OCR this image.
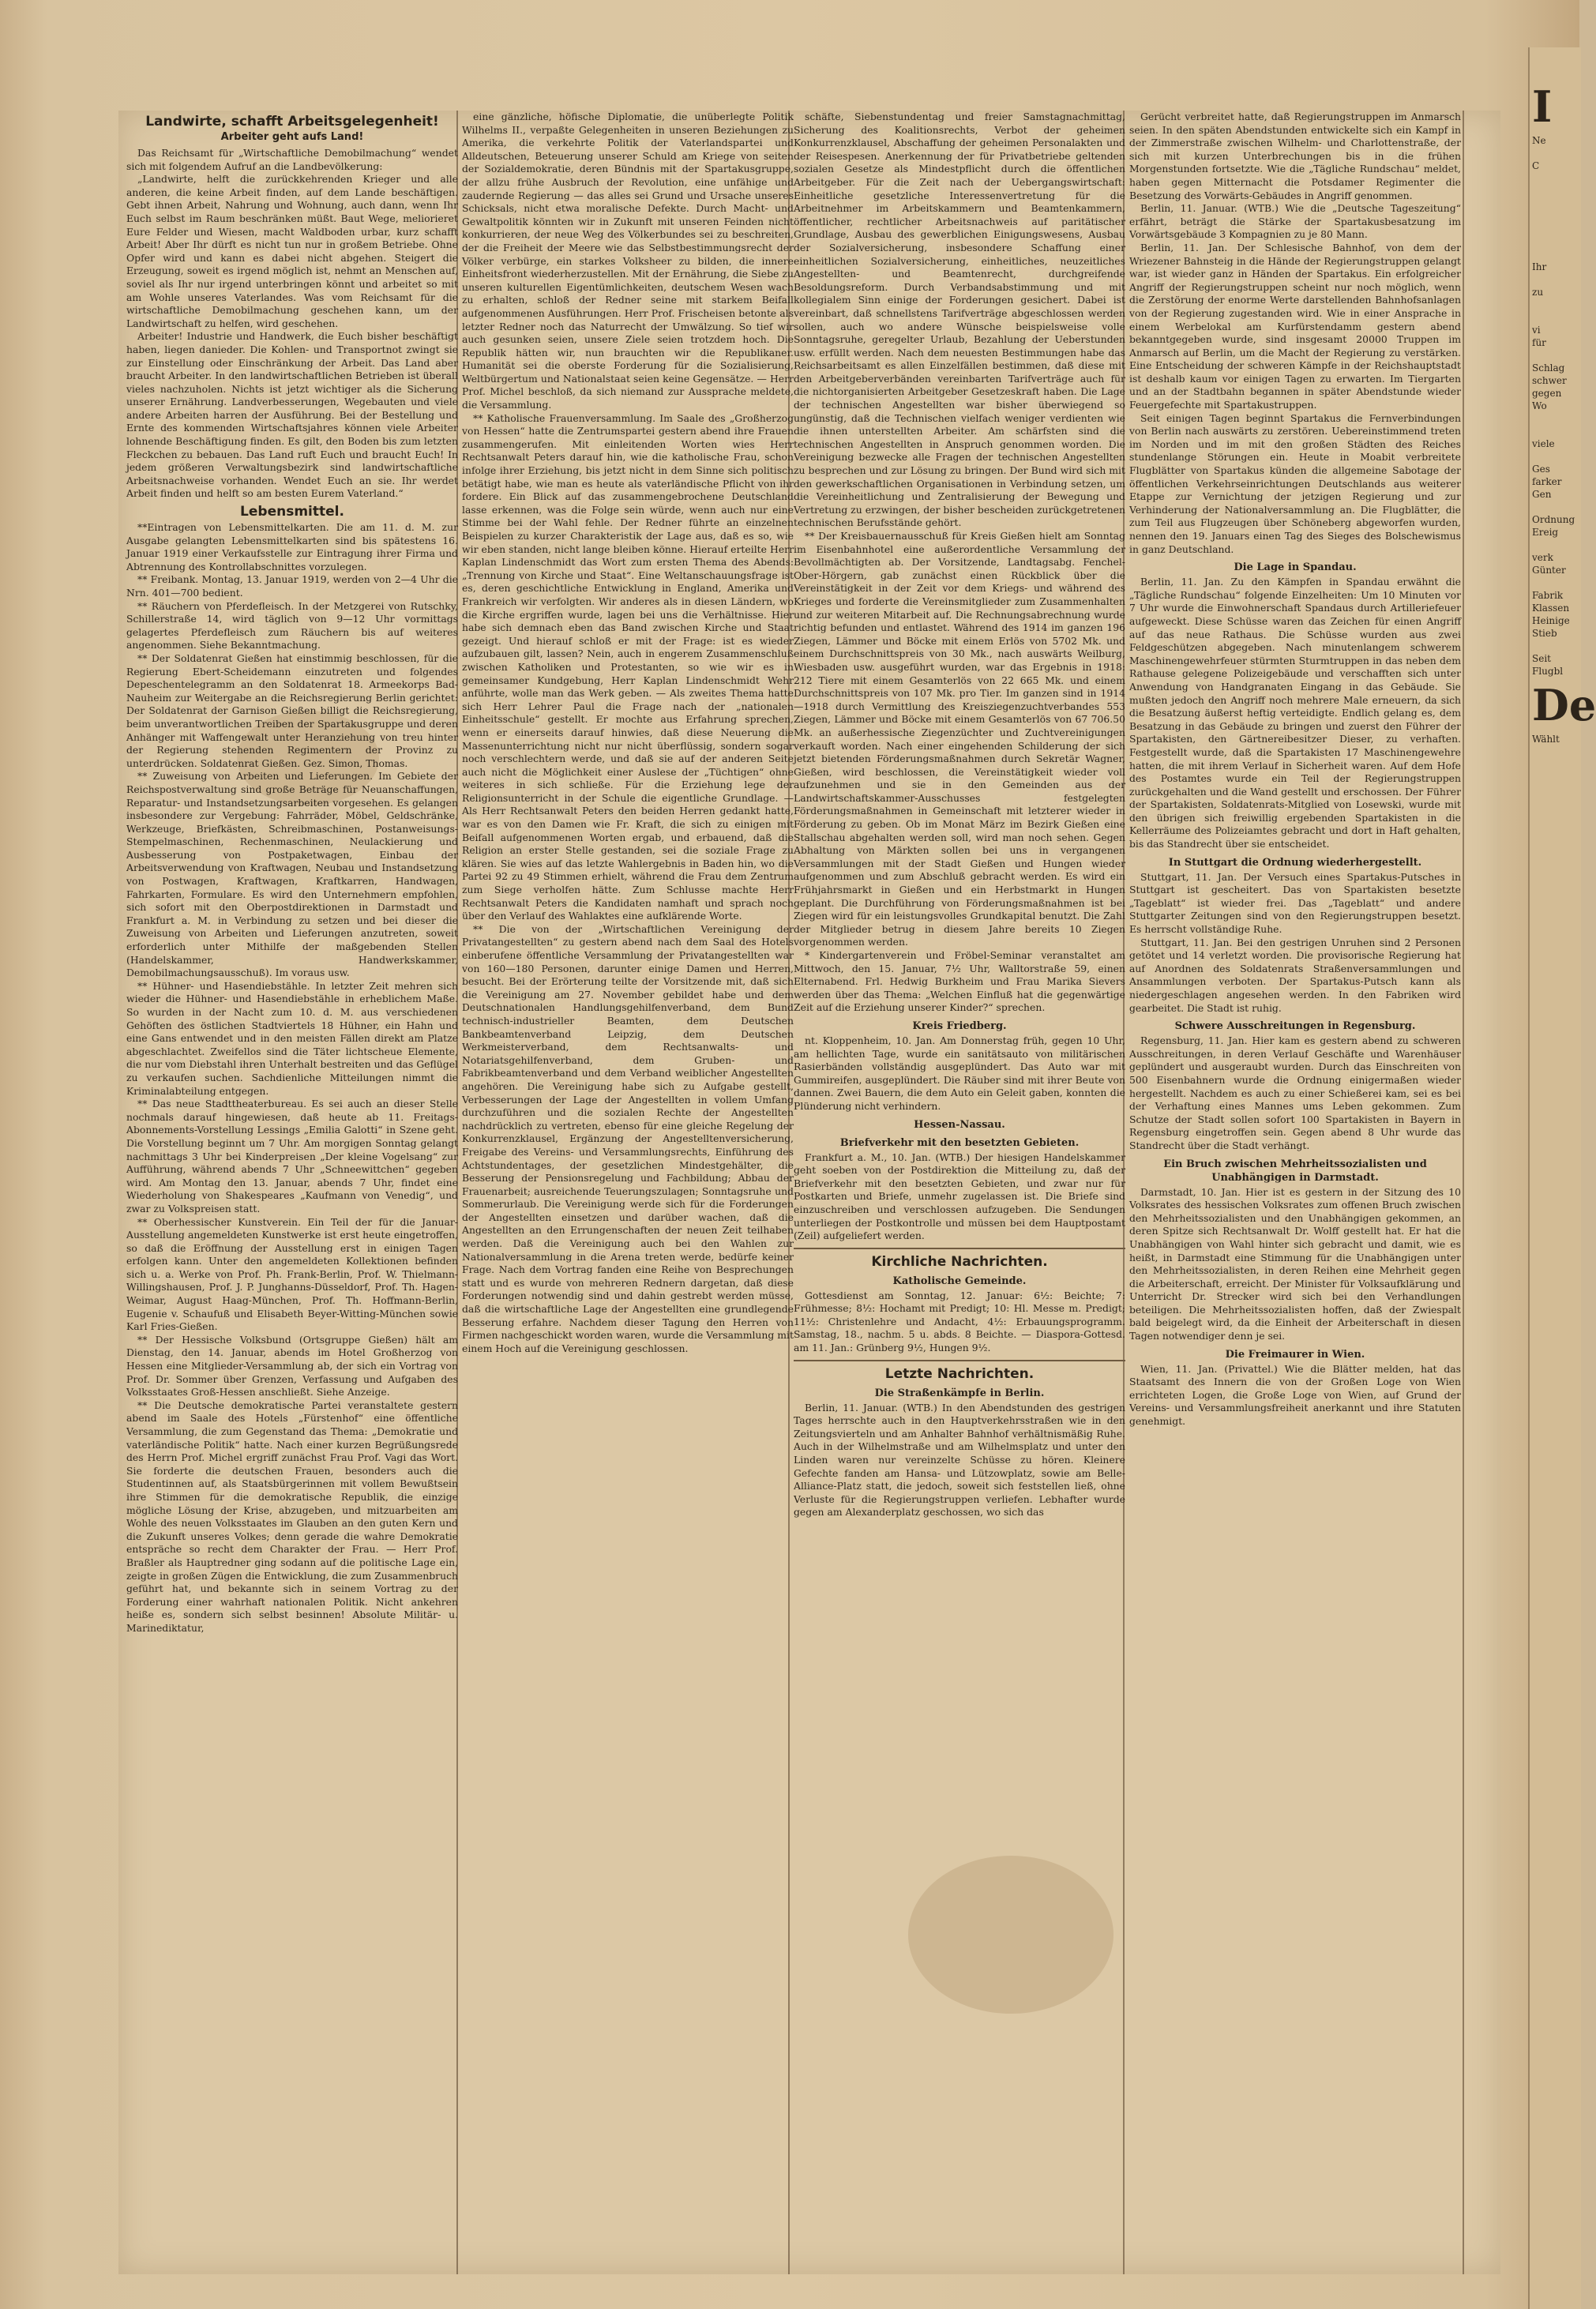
Landwirte, schafft Arbeitsgelegenheit!
Arbeiter geht aufs Land!

Das Reichsamt für „Wirtschaftliche Demobilmachung“ wendet sich mit folgendem Aufruf an die Landbevölkerung:

„Landwirte, helft die zurückkehrenden Krieger und alle anderen, die keine Arbeit finden, auf dem Lande beschäftigen. Gebt ihnen Arbeit, Nahrung und Wohnung, auch dann, wenn Ihr Euch selbst im Raum beschränken müßt. Baut Wege, meliorieret Eure Felder und Wiesen, macht Waldboden urbar, kurz schafft Arbeit! Aber Ihr dürft es nicht tun nur in großem Betriebe. Ohne Opfer wird und kann es dabei nicht abgehen. Steigert die Erzeugung, soweit es irgend möglich ist, nehmt an Menschen auf, soviel als Ihr nur irgend unterbringen könnt und arbeitet so mit am Wohle unseres Vaterlandes. Was vom Reichsamt für die wirtschaftliche Demobilmachung geschehen kann, um der Landwirtschaft zu helfen, wird geschehen.

Arbeiter! Industrie und Handwerk, die Euch bisher beschäftigt haben, liegen danieder. Die Kohlen- und Transportnot zwingt sie zur Einstellung oder Einschränkung der Arbeit. Das Land aber braucht Arbeiter. In den landwirtschaftlichen Betrieben ist überall vieles nachzuholen. Nichts ist jetzt wichtiger als die Sicherung unserer Ernährung. Landverbesserungen, Wegebauten und viele andere Arbeiten harren der Ausführung. Bei der Bestellung und Ernte des kommenden Wirtschaftsjahres können viele Arbeiter lohnende Beschäftigung finden. Es gilt, den Boden bis zum letzten Fleckchen zu bebauen. Das Land ruft Euch und braucht Euch! In jedem größeren Verwaltungsbezirk sind landwirtschaftliche Arbeitsnachweise vorhanden. Wendet Euch an sie. Ihr werdet Arbeit finden und helft so am besten Eurem Vaterland.“

Lebensmittel.

**Eintragen von Lebensmittelkarten. Die am 11. d. M. zur Ausgabe gelangten Lebensmittelkarten sind bis spätestens 16. Januar 1919 einer Verkaufsstelle zur Eintragung ihrer Firma und Abtrennung des Kontrollabschnittes vorzulegen.

** Freibank. Montag, 13. Januar 1919, werden von 2—4 Uhr die Nrn. 401—700 bedient.

** Räuchern von Pferdefleisch. In der Metzgerei von Rutschky, Schillerstraße 14, wird täglich von 9—12 Uhr vormittags gelagertes Pferdefleisch zum Räuchern bis auf weiteres angenommen. Siehe Bekanntmachung.

** Der Soldatenrat Gießen hat einstimmig beschlossen, für die Regierung Ebert-Scheidemann einzutreten und folgendes Depeschentelegramm an den Soldatenrat 18. Armeekorps Bad-Nauheim zur Weitergabe an die Reichsregierung Berlin gerichtet: Der Soldatenrat der Garnison Gießen billigt die Reichsregierung, beim unverantwortlichen Treiben der Spartakusgruppe und deren Anhänger mit Waffengewalt unter Heranziehung von treu hinter der Regierung stehenden Regimentern der Provinz zu unterdrücken. Soldatenrat Gießen. Gez. Simon, Thomas.

** Zuweisung von Arbeiten und Lieferungen. Im Gebiete der Reichspostverwaltung sind große Beträge für Neuanschaffungen, Reparatur- und Instandsetzungsarbeiten vorgesehen. Es gelangen insbesondere zur Vergebung: Fahrräder, Möbel, Geldschränke, Werkzeuge, Briefkästen, Schreibmaschinen, Postanweisungs-Stempelmaschinen, Rechenmaschinen, Neulackierung und Ausbesserung von Postpaketwagen, Einbau der Arbeitsverwendung von Kraftwagen, Neubau und Instandsetzung von Postwagen, Kraftwagen, Kraftkarren, Handwagen, Fahrkarten, Formulare. Es wird den Unternehmern empfohlen, sich sofort mit den Oberpostdirektionen in Darmstadt und Frankfurt a. M. in Verbindung zu setzen und bei dieser die Zuweisung von Arbeiten und Lieferungen anzutreten, soweit erforderlich unter Mithilfe der maßgebenden Stellen (Handelskammer, Handwerkskammer, Demobilmachungsausschuß). Im voraus usw.

** Hühner- und Hasendiebstähle. In letzter Zeit mehren sich wieder die Hühner- und Hasendiebstähle in erheblichem Maße. So wurden in der Nacht zum 10. d. M. aus verschiedenen Gehöften des östlichen Stadtviertels 18 Hühner, ein Hahn und eine Gans entwendet und in den meisten Fällen direkt am Platze abgeschlachtet. Zweifellos sind die Täter lichtscheue Elemente, die nur vom Diebstahl ihren Unterhalt bestreiten und das Geflügel zu verkaufen suchen. Sachdienliche Mitteilungen nimmt die Kriminalabteilung entgegen.

** Das neue Stadttheaterbureau. Es sei auch an dieser Stelle nochmals darauf hingewiesen, daß heute ab 11. Freitags-Abonnements-Vorstellung Lessings „Emilia Galotti“ in Szene geht. Die Vorstellung beginnt um 7 Uhr. Am morgigen Sonntag gelangt nachmittags 3 Uhr bei Kinderpreisen „Der kleine Vogelsang“ zur Aufführung, während abends 7 Uhr „Schneewittchen“ gegeben wird. Am Montag den 13. Januar, abends 7 Uhr, findet eine Wiederholung von Shakespeares „Kaufmann von Venedig“, und zwar zu Volkspreisen statt.

** Oberhessischer Kunstverein. Ein Teil der für die Januar-Ausstellung angemeldeten Kunstwerke ist erst heute eingetroffen, so daß die Eröffnung der Ausstellung erst in einigen Tagen erfolgen kann. Unter den angemeldeten Kollektionen befinden sich u. a. Werke von Prof. Ph. Frank-Berlin, Prof. W. Thielmann-Willingshausen, Prof. J. P. Junghanns-Düsseldorf, Prof. Th. Hagen-Weimar, August Haag-München, Prof. Th. Hoffmann-Berlin, Eugenie v. Schaufuß und Elisabeth Beyer-Witting-München sowie Karl Fries-Gießen.

** Der Hessische Volksbund (Ortsgruppe Gießen) hält am Dienstag, den 14. Januar, abends im Hotel Großherzog von Hessen eine Mitglieder-Versammlung ab, der sich ein Vortrag von Prof. Dr. Sommer über Grenzen, Verfassung und Aufgaben des Volksstaates Groß-Hessen anschließt. Siehe Anzeige.

** Die Deutsche demokratische Partei veranstaltete gestern abend im Saale des Hotels „Fürstenhof“ eine öffentliche Versammlung, die zum Gegenstand das Thema: „Demokratie und vaterländische Politik“ hatte. Nach einer kurzen Begrüßungsrede des Herrn Prof. Michel ergriff zunächst Frau Prof. Vagi das Wort. Sie forderte die deutschen Frauen, besonders auch die Studentinnen auf, als Staatsbürgerinnen mit vollem Bewußtsein ihre Stimmen für die demokratische Republik, die einzige mögliche Lösung der Krise, abzugeben, und mitzuarbeiten am Wohle des neuen Volksstaates im Glauben an den guten Kern und die Zukunft unseres Volkes; denn gerade die wahre Demokratie entspräche so recht dem Charakter der Frau. — Herr Prof. Braßler als Hauptredner ging sodann auf die politische Lage ein, zeigte in großen Zügen die Entwicklung, die zum Zusammenbruch geführt hat, und bekannte sich in seinem Vortrag zu der Forderung einer wahrhaft nationalen Politik. Nicht ankehren heiße es, sondern sich selbst besinnen! Absolute Militär- u. Marinediktatur,

eine gänzliche, höfische Diplomatie, die unüberlegte Politik Wilhelms II., verpaßte Gelegenheiten in unseren Beziehungen zu Amerika, die verkehrte Politik der Vaterlandspartei und Alldeutschen, Beteuerung unserer Schuld am Kriege von seiten der Sozialdemokratie, deren Bündnis mit der Spartakusgruppe, der allzu frühe Ausbruch der Revolution, eine unfähige und zaudernde Regierung — das alles sei Grund und Ursache unseres Schicksals, nicht etwa moralische Defekte. Durch Macht- und Gewaltpolitik könnten wir in Zukunft mit unseren Feinden nicht konkurrieren, der neue Weg des Völkerbundes sei zu beschreiten, der die Freiheit der Meere wie das Selbstbestimmungsrecht der Völker verbürge, ein starkes Volksheer zu bilden, die innere Einheitsfront wiederherzustellen. Mit der Ernährung, die Siebe zu unseren kulturellen Eigentümlichkeiten, deutschem Wesen wach zu erhalten, schloß der Redner seine mit starkem Beifall aufgenommenen Ausführungen. Herr Prof. Frischeisen betonte als letzter Redner noch das Naturrecht der Umwälzung. So tief wir auch gesunken seien, unsere Ziele seien trotzdem hoch. Die Republik hätten wir, nun brauchten wir die Republikaner. Humanität sei die oberste Forderung für die Sozialisierung, Weltbürgertum und Nationalstaat seien keine Gegensätze. — Herr Prof. Michel beschloß, da sich niemand zur Aussprache meldete, die Versammlung.

** Katholische Frauenversammlung. Im Saale des „Großherzog von Hessen“ hatte die Zentrumspartei gestern abend ihre Frauen zusammengerufen. Mit einleitenden Worten wies Herr Rechtsanwalt Peters darauf hin, wie die katholische Frau, schon infolge ihrer Erziehung, bis jetzt nicht in dem Sinne sich politisch betätigt habe, wie man es heute als vaterländische Pflicht von ihr fordere. Ein Blick auf das zusammengebrochene Deutschland lasse erkennen, was die Folge sein würde, wenn auch nur eine Stimme bei der Wahl fehle. Der Redner führte an einzelnen Beispielen zu kurzer Charakteristik der Lage aus, daß es so, wie wir eben standen, nicht lange bleiben könne. Hierauf erteilte Herr Kaplan Lindenschmidt das Wort zum ersten Thema des Abends: „Trennung von Kirche und Staat“. Eine Weltanschauungsfrage ist es, deren geschichtliche Entwicklung in England, Amerika und Frankreich wir verfolgten. Wir anderes als in diesen Ländern, wo die Kirche ergriffen wurde, lagen bei uns die Verhältnisse. Hier habe sich demnach eben das Band zwischen Kirche und Staat gezeigt. Und hierauf schloß er mit der Frage: ist es wieder aufzubauen gilt, lassen? Nein, auch in engerem Zusammenschluß zwischen Katholiken und Protestanten, so wie wir es in gemeinsamer Kundgebung, Herr Kaplan Lindenschmidt Wehr anführte, wolle man das Werk geben. — Als zweites Thema hatte sich Herr Lehrer Paul die Frage nach der „nationalen Einheitsschule“ gestellt. Er mochte aus Erfahrung sprechen, wenn er einerseits darauf hinwies, daß diese Neuerung die Massenunterrichtung nicht nur nicht überflüssig, sondern sogar noch verschlechtern werde, und daß sie auf der anderen Seite auch nicht die Möglichkeit einer Auslese der „Tüchtigen“ ohne weiteres in sich schließe. Für die Erziehung lege der Religionsunterricht in der Schule die eigentliche Grundlage. — Als Herr Rechtsanwalt Peters den beiden Herren gedankt hatte, war es von den Damen wie Fr. Kraft, die sich zu einigen mit Beifall aufgenommenen Worten ergab, und erbauend, daß die Religion an erster Stelle gestanden, sei die soziale Frage zu klären. Sie wies auf das letzte Wahlergebnis in Baden hin, wo die Partei 92 zu 49 Stimmen erhielt, während die Frau dem Zentrum zum Siege verholfen hätte. Zum Schlusse machte Herr Rechtsanwalt Peters die Kandidaten namhaft und sprach noch über den Verlauf des Wahlaktes eine aufklärende Worte.

** Die von der „Wirtschaftlichen Vereinigung der Privatangestellten“ zu gestern abend nach dem Saal des Hotels einberufene öffentliche Versammlung der Privatangestellten war von 160—180 Personen, darunter einige Damen und Herren, besucht. Bei der Erörterung teilte der Vorsitzende mit, daß sich die Vereinigung am 27. November gebildet habe und dem Deutschnationalen Handlungsgehilfenverband, dem Bund technisch-industrieller Beamten, dem Deutschen Bankbeamtenverband Leipzig, dem Deutschen Werkmeisterverband, dem Rechtsanwalts- und Notariatsgehilfenverband, dem Gruben- und Fabrikbeamtenverband und dem Verband weiblicher Angestellten angehören. Die Vereinigung habe sich zu Aufgabe gestellt, Verbesserungen der Lage der Angestellten in vollem Umfang durchzuführen und die sozialen Rechte der Angestellten nachdrücklich zu vertreten, ebenso für eine gleiche Regelung der Konkurrenzklausel, Ergänzung der Angestelltenversicherung, Freigabe des Vereins- und Versammlungsrechts, Einführung des Achtstundentages, der gesetzlichen Mindestgehälter, die Besserung der Pensionsregelung und Fachbildung; Abbau der Frauenarbeit; ausreichende Teuerungszulagen; Sonntagsruhe und Sommerurlaub. Die Vereinigung werde sich für die Forderungen der Angestellten einsetzen und darüber wachen, daß die Angestellten an den Errungenschaften der neuen Zeit teilhaben werden. Daß die Vereinigung auch bei den Wahlen zur Nationalversammlung in die Arena treten werde, bedürfe keiner Frage. Nach dem Vortrag fanden eine Reihe von Besprechungen statt und es wurde von mehreren Rednern dargetan, daß diese Forderungen notwendig sind und dahin gestrebt werden müsse, daß die wirtschaftliche Lage der Angestellten eine grundlegende Besserung erfahre. Nachdem dieser Tagung den Herren von Firmen nachgeschickt worden waren, wurde die Versammlung mit einem Hoch auf die Vereinigung geschlossen.

schäfte, Siebenstundentag und freier Samstagnachmittag, Sicherung des Koalitionsrechts, Verbot der geheimen Konkurrenzklausel, Abschaffung der geheimen Personalakten und der Reisespesen. Anerkennung der für Privatbetriebe geltenden sozialen Gesetze als Mindestpflicht durch die öffentlichen Arbeitgeber. Für die Zeit nach der Uebergangswirtschaft: Einheitliche gesetzliche Interessenvertretung für die Arbeitnehmer im Arbeitskammern und Beamtenkammern, öffentlicher, rechtlicher Arbeitsnachweis auf paritätischer Grundlage, Ausbau des gewerblichen Einigungswesens, Ausbau der Sozialversicherung, insbesondere Schaffung einer einheitlichen Sozialversicherung, einheitliches, neuzeitliches Angestellten- und Beamtenrecht, durchgreifende Besoldungsreform. Durch Verbandsabstimmung und mit kollegialem Sinn einige der Forderungen gesichert. Dabei ist vereinbart, daß schnellstens Tarifverträge abgeschlossen werden sollen, auch wo andere Wünsche beispielsweise volle Sonntagsruhe, geregelter Urlaub, Bezahlung der Ueberstunden usw. erfüllt werden. Nach dem neuesten Bestimmungen habe das Reichsarbeitsamt es allen Einzelfällen bestimmen, daß diese mit den Arbeitgeberverbänden vereinbarten Tarifverträge auch für die nichtorganisierten Arbeitgeber Gesetzeskraft haben. Die Lage der technischen Angestellten war bisher überwiegend so ungünstig, daß die Technischen vielfach weniger verdienten wie die ihnen unterstellten Arbeiter. Am schärfsten sind die technischen Angestellten in Anspruch genommen worden. Die Vereinigung bezwecke alle Fragen der technischen Angestellten zu besprechen und zur Lösung zu bringen. Der Bund wird sich mit den gewerkschaftlichen Organisationen in Verbindung setzen, um die Vereinheitlichung und Zentralisierung der Bewegung und Vertretung zu erzwingen, der bisher bescheiden zurückgetretenen technischen Berufsstände gehört.

** Der Kreisbauernausschuß für Kreis Gießen hielt am Sonntag im Eisenbahnhotel eine außerordentliche Versammlung der Bevollmächtigten ab. Der Vorsitzende, Landtagsabg. Fenchel-Ober-Hörgern, gab zunächst einen Rückblick über die Vereinstätigkeit in der Zeit vor dem Kriegs- und während des Krieges und forderte die Vereinsmitglieder zum Zusammenhalten und zur weiteren Mitarbeit auf. Die Rechnungsabrechnung wurde richtig befunden und entlastet. Während des 1914 im ganzen 196 Ziegen, Lämmer und Böcke mit einem Erlös von 5702 Mk. und einem Durchschnittspreis von 30 Mk., nach auswärts Weilburg, Wiesbaden usw. ausgeführt wurden, war das Ergebnis in 1918: 212 Tiere mit einem Gesamterlös von 22 665 Mk. und einem Durchschnittspreis von 107 Mk. pro Tier. Im ganzen sind in 1914—1918 durch Vermittlung des Kreisziegenzuchtverbandes 553 Ziegen, Lämmer und Böcke mit einem Gesamterlös von 67 706.50 Mk. an außerhessische Ziegenzüchter und Zuchtvereinigungen verkauft worden. Nach einer eingehenden Schilderung der sich jetzt bietenden Förderungsmaßnahmen durch Sekretär Wagner, Gießen, wird beschlossen, die Vereinstätigkeit wieder voll aufzunehmen und sie in den Gemeinden aus der Landwirtschaftskammer-Ausschusses festgelegten Förderungsmaßnahmen in Gemeinschaft mit letzterer wieder in Förderung zu geben. Ob im Monat März im Bezirk Gießen eine Stallschau abgehalten werden soll, wird man noch sehen. Gegen Abhaltung von Märkten sollen bei uns in vergangenen Versammlungen mit der Stadt Gießen und Hungen wieder aufgenommen und zum Abschluß gebracht werden. Es wird ein Frühjahrsmarkt in Gießen und ein Herbstmarkt in Hungen geplant. Die Durchführung von Förderungsmaßnahmen ist bei Ziegen wird für ein leistungsvolles Grundkapital benutzt. Die Zahl der Mitglieder betrug in diesem Jahre bereits 10 Ziegen vorgenommen werden.

* Kindergartenverein und Fröbel-Seminar veranstaltet am Mittwoch, den 15. Januar, 7½ Uhr, Walltorstraße 59, einen Elternabend. Frl. Hedwig Burkheim und Frau Marika Sievers werden über das Thema: „Welchen Einfluß hat die gegenwärtige Zeit auf die Erziehung unserer Kinder?“ sprechen.

Kreis Friedberg.

nt. Kloppenheim, 10. Jan. Am Donnerstag früh, gegen 10 Uhr, am hellichten Tage, wurde ein sanitätsauto von militärischen Rasierbänden vollständig ausgeplündert. Das Auto war mit Gummireifen, ausgeplündert. Die Räuber sind mit ihrer Beute von dannen. Zwei Bauern, die dem Auto ein Geleit gaben, konnten die Plünderung nicht verhindern.

Hessen-Nassau.
Briefverkehr mit den besetzten Gebieten.

Frankfurt a. M., 10. Jan. (WTB.) Der hiesigen Handelskammer geht soeben von der Postdirektion die Mitteilung zu, daß der Briefverkehr mit den besetzten Gebieten, und zwar nur für Postkarten und Briefe, unmehr zugelassen ist. Die Briefe sind einzuschreiben und verschlossen aufzugeben. Die Sendungen unterliegen der Postkontrolle und müssen bei dem Hauptpostamt (Zeil) aufgeliefert werden.

Kirchliche Nachrichten.
Katholische Gemeinde.

Gottesdienst am Sonntag, 12. Januar: 6½: Beichte; 7: Frühmesse; 8½: Hochamt mit Predigt; 10: Hl. Messe m. Predigt; 11½: Christenlehre und Andacht, 4½: Erbauungsprogramm. Samstag, 18., nachm. 5 u. abds. 8 Beichte. — Diaspora-Gottesd. am 11. Jan.: Grünberg 9½, Hungen 9½.

Letzte Nachrichten.
Die Straßenkämpfe in Berlin.

Berlin, 11. Januar. (WTB.) In den Abendstunden des gestrigen Tages herrschte auch in den Hauptverkehrsstraßen wie in den Zeitungsvierteln und am Anhalter Bahnhof verhältnismäßig Ruhe. Auch in der Wilhelmstraße und am Wilhelmsplatz und unter den Linden waren nur vereinzelte Schüsse zu hören. Kleinere Gefechte fanden am Hansa- und Lützowplatz, sowie am Belle-Alliance-Platz statt, die jedoch, soweit sich feststellen ließ, ohne Verluste für die Regierungstruppen verliefen. Lebhafter wurde gegen am Alexanderplatz geschossen, wo sich das

Gerücht verbreitet hatte, daß Regierungstruppen im Anmarsch seien. In den späten Abendstunden entwickelte sich ein Kampf in der Zimmerstraße zwischen Wilhelm- und Charlottenstraße, der sich mit kurzen Unterbrechungen bis in die frühen Morgenstunden fortsetzte. Wie die „Tägliche Rundschau“ meldet, haben gegen Mitternacht die Potsdamer Regimenter die Besetzung des Vorwärts-Gebäudes in Angriff genommen.

Berlin, 11. Januar. (WTB.) Wie die „Deutsche Tageszeitung“ erfährt, beträgt die Stärke der Spartakusbesatzung im Vorwärtsgebäude 3 Kompagnien zu je 80 Mann.

Berlin, 11. Jan. Der Schlesische Bahnhof, von dem der Wriezener Bahnsteig in die Hände der Regierungstruppen gelangt war, ist wieder ganz in Händen der Spartakus. Ein erfolgreicher Angriff der Regierungstruppen scheint nur noch möglich, wenn die Zerstörung der enorme Werte darstellenden Bahnhofsanlagen von der Regierung zugestanden wird. Wie in einer Ansprache in einem Werbelokal am Kurfürstendamm gestern abend bekanntgegeben wurde, sind insgesamt 20000 Truppen im Anmarsch auf Berlin, um die Macht der Regierung zu verstärken. Eine Entscheidung der schweren Kämpfe in der Reichshauptstadt ist deshalb kaum vor einigen Tagen zu erwarten. Im Tiergarten und an der Stadtbahn begannen in später Abendstunde wieder Feuergefechte mit Spartakustruppen.

Seit einigen Tagen beginnt Spartakus die Fernverbindungen von Berlin nach auswärts zu zerstören. Uebereinstimmend treten im Norden und im mit den großen Städten des Reiches stundenlange Störungen ein. Heute in Moabit verbreitete Flugblätter von Spartakus künden die allgemeine Sabotage der öffentlichen Verkehrseinrichtungen Deutschlands aus weiterer Etappe zur Vernichtung der jetzigen Regierung und zur Verhinderung der Nationalversammlung an. Die Flugblätter, die zum Teil aus Flugzeugen über Schöneberg abgeworfen wurden, nennen den 19. Januars einen Tag des Sieges des Bolschewismus in ganz Deutschland.

Die Lage in Spandau.

Berlin, 11. Jan. Zu den Kämpfen in Spandau erwähnt die „Tägliche Rundschau“ folgende Einzelheiten: Um 10 Minuten vor 7 Uhr wurde die Einwohnerschaft Spandaus durch Artilleriefeuer aufgeweckt. Diese Schüsse waren das Zeichen für einen Angriff auf das neue Rathaus. Die Schüsse wurden aus zwei Feldgeschützen abgegeben. Nach minutenlangem schwerem Maschinengewehrfeuer stürmten Sturmtruppen in das neben dem Rathause gelegene Polizeigebäude und verschafften sich unter Anwendung von Handgranaten Eingang in das Gebäude. Sie mußten jedoch den Angriff noch mehrere Male erneuern, da sich die Besatzung äußerst heftig verteidigte. Endlich gelang es, dem Besatzung in das Gebäude zu bringen und zuerst den Führer der Spartakisten, den Gärtnereibesitzer Dieser, zu verhaften. Festgestellt wurde, daß die Spartakisten 17 Maschinengewehre hatten, die mit ihrem Verlauf in Sicherheit waren. Auf dem Hofe des Postamtes wurde ein Teil der Regierungstruppen zurückgehalten und die Wand gestellt und erschossen. Der Führer der Spartakisten, Soldatenrats-Mitglied von Losewski, wurde mit den übrigen sich freiwillig ergebenden Spartakisten in die Kellerräume des Polizeiamtes gebracht und dort in Haft gehalten, bis das Standrecht über sie entscheidet.

In Stuttgart die Ordnung wiederhergestellt.

Stuttgart, 11. Jan. Der Versuch eines Spartakus-Putsches in Stuttgart ist gescheitert. Das von Spartakisten besetzte „Tageblatt“ ist wieder frei. Das „Tageblatt“ und andere Stuttgarter Zeitungen sind von den Regierungstruppen besetzt. Es herrscht vollständige Ruhe.

Stuttgart, 11. Jan. Bei den gestrigen Unruhen sind 2 Personen getötet und 14 verletzt worden. Die provisorische Regierung hat auf Anordnen des Soldatenrats Straßenversammlungen und Ansammlungen verboten. Der Spartakus-Putsch kann als niedergeschlagen angesehen werden. In den Fabriken wird gearbeitet. Die Stadt ist ruhig.

Schwere Ausschreitungen in Regensburg.

Regensburg, 11. Jan. Hier kam es gestern abend zu schweren Ausschreitungen, in deren Verlauf Geschäfte und Warenhäuser geplündert und ausgeraubt wurden. Durch das Einschreiten von 500 Eisenbahnern wurde die Ordnung einigermaßen wieder hergestellt. Nachdem es auch zu einer Schießerei kam, sei es bei der Verhaftung eines Mannes ums Leben gekommen. Zum Schutze der Stadt sollen sofort 100 Spartakisten in Bayern in Regensburg eingetroffen sein. Gegen abend 8 Uhr wurde das Standrecht über die Stadt verhängt.

Ein Bruch zwischen Mehrheitssozialisten und Unabhängigen in Darmstadt.

Darmstadt, 10. Jan. Hier ist es gestern in der Sitzung des 10 Volksrates des hessischen Volksrates zum offenen Bruch zwischen den Mehrheitssozialisten und den Unabhängigen gekommen, an deren Spitze sich Rechtsanwalt Dr. Wolff gestellt hat. Er hat die Unabhängigen von Wahl hinter sich gebracht und damit, wie es heißt, in Darmstadt eine Stimmung für die Unabhängigen unter den Mehrheitssozialisten, in deren Reihen eine Mehrheit gegen die Arbeiterschaft, erreicht. Der Minister für Volksaufklärung und Unterricht Dr. Strecker wird sich bei den Verhandlungen beteiligen. Die Mehrheitssozialisten hoffen, daß der Zwiespalt bald beigelegt wird, da die Einheit der Arbeiterschaft in diesen Tagen notwendiger denn je sei.

Die Freimaurer in Wien.

Wien, 11. Jan. (Privattel.) Wie die Blätter melden, hat das Staatsamt des Innern die von der Großen Loge von Wien errichteten Logen, die Große Loge von Wien, auf Grund der Vereins- und Versammlungsfreiheit anerkannt und ihre Statuten genehmigt.

I
Ne

C

Ihr

zu

vi
für

Schlag
schwer
gegen
Wo

viele

Ges
farker
Gen

Ordnung
Ereig

verk
Günter

Fabrik
Klassen
Heinige
Stieb

Seit
Flugbl
De
Wählt
